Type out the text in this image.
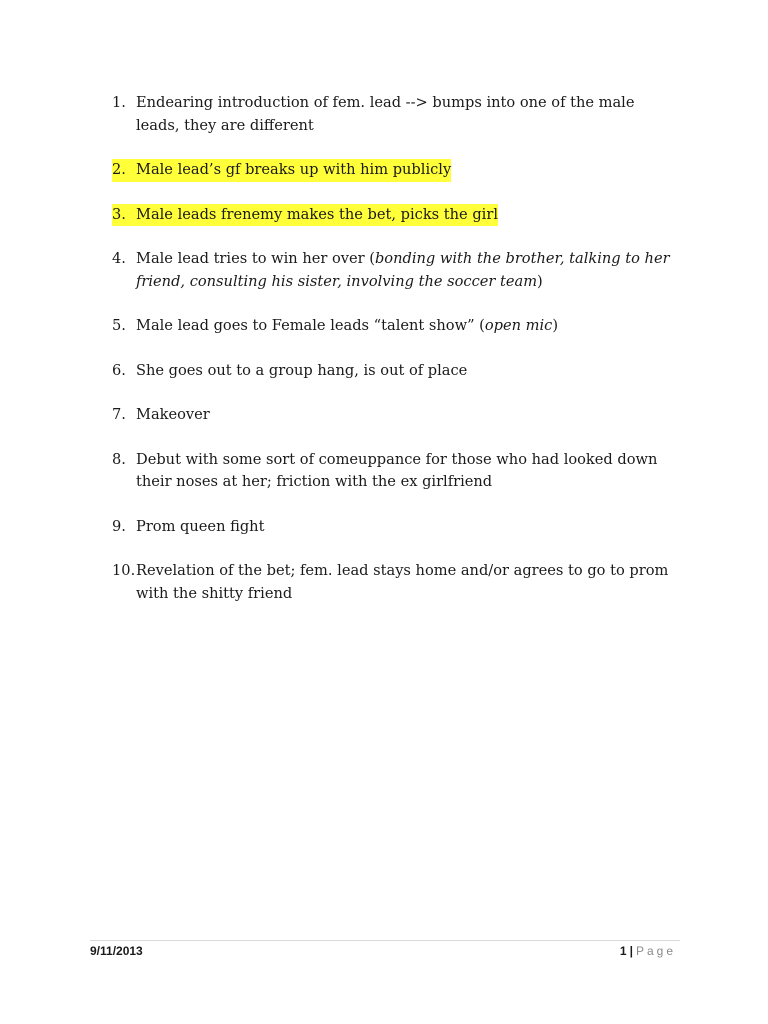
1. Endearing introduction of fem. lead --> bumps into one of the male leads, they are different
2. Male lead’s gf breaks up with him publicly
3. Male leads frenemy makes the bet, picks the girl
4. Male lead tries to win her over (bonding with the brother, talking to her friend, consulting his sister, involving the soccer team)
5. Male lead goes to Female leads “talent show” (open mic)
6. She goes out to a group hang, is out of place
7. Makeover
8. Debut with some sort of comeuppance for those who had looked down their noses at her; friction with the ex girlfriend
9. Prom queen fight
10. Revelation of the bet; fem. lead stays home and/or agrees to go to prom with the shitty friend
9/11/2013	1 | Page
